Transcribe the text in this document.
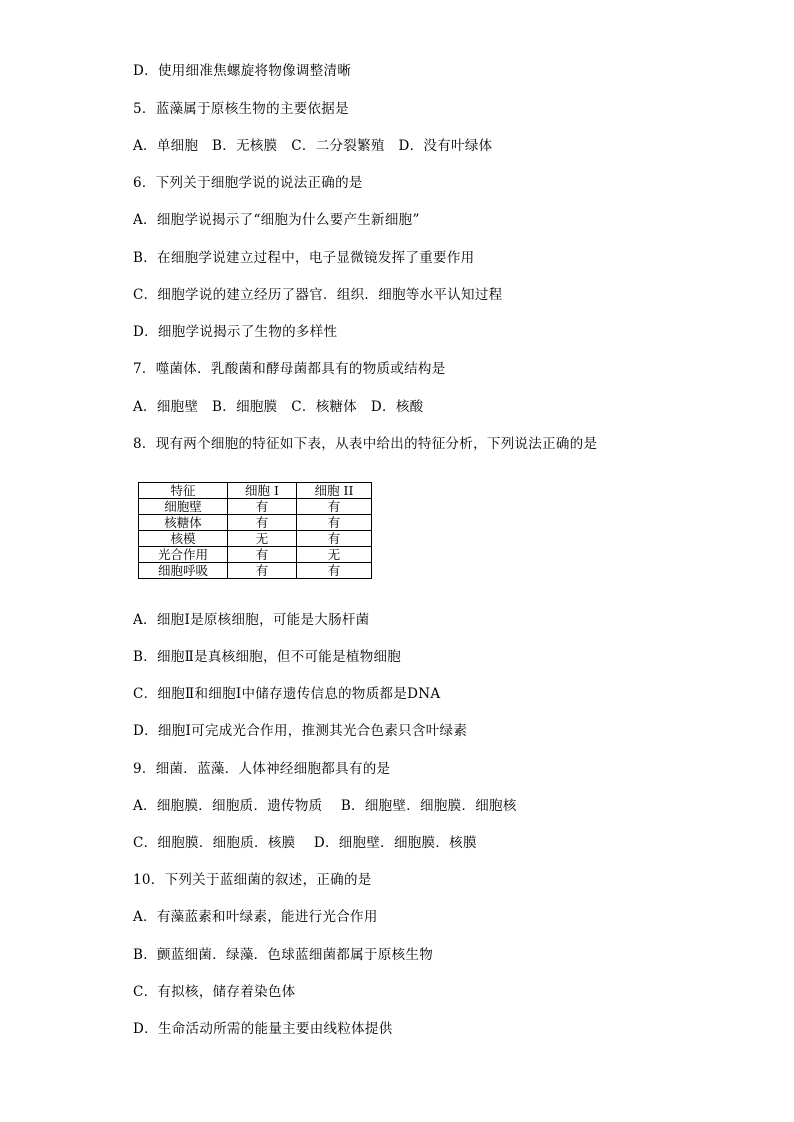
D．使用细准焦螺旋将物像调整清晰
5．蓝藻属于原核生物的主要依据是
A．单细胞　B．无核膜　C．二分裂繁殖　D．没有叶绿体
6．下列关于细胞学说的说法正确的是
A．细胞学说揭示了“细胞为什么要产生新细胞”
B．在细胞学说建立过程中，电子显微镜发挥了重要作用
C．细胞学说的建立经历了器官．组织．细胞等水平认知过程
D．细胞学说揭示了生物的多样性
7．噬菌体．乳酸菌和酵母菌都具有的物质或结构是
A．细胞壁　B．细胞膜　C．核糖体　D．核酸
8．现有两个细胞的特征如下表，从表中给出的特征分析，下列说法正确的是
特征	细胞 I	细胞 II
细胞壁	有	有
核糖体	有	有
核模	无	有
光合作用	有	无
细胞呼吸	有	有
A．细胞Ⅰ是原核细胞，可能是大肠杆菌
B．细胞Ⅱ是真核细胞，但不可能是植物细胞
C．细胞Ⅱ和细胞Ⅰ中储存遗传信息的物质都是DNA
D．细胞Ⅰ可完成光合作用，推测其光合色素只含叶绿素
9．细菌．蓝藻．人体神经细胞都具有的是
A．细胞膜．细胞质．遗传物质　 B．细胞壁．细胞膜．细胞核
C．细胞膜．细胞质．核膜　 D．细胞壁．细胞膜．核膜
10．下列关于蓝细菌的叙述，正确的是
A．有藻蓝素和叶绿素，能进行光合作用
B．颤蓝细菌．绿藻．色球蓝细菌都属于原核生物
C．有拟核，储存着染色体
D．生命活动所需的能量主要由线粒体提供
